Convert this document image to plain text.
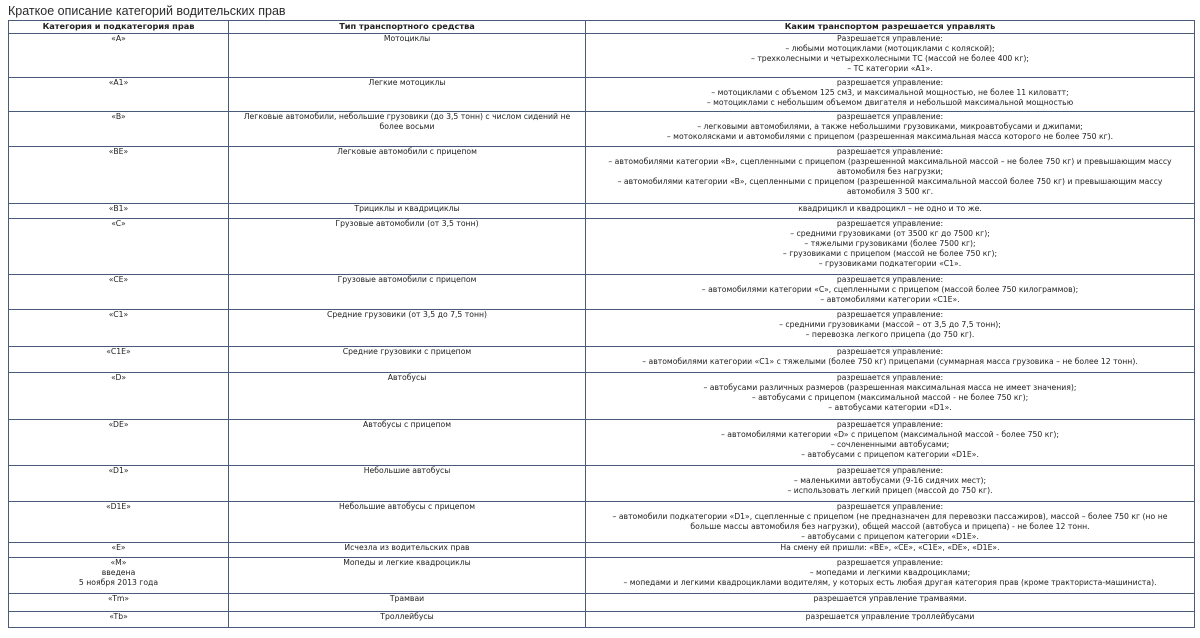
Краткое описание категорий водительских прав
Категория и подкатегория прав	Тип транспортного средства	Каким транспортом разрешается управлять

«A»	Мотоциклы	Разрешается управление:
– любыми мотоциклами (мотоциклами с коляской);
– трехколесными и четырехколесными ТС (массой не более 400 кг);
– ТС категории «A1».

«A1»	Легкие мотоциклы	разрешается управление:
– мотоциклами с объемом 125 см3, и максимальной мощностью, не более 11 киловатт;
– мотоциклами с небольшим объемом двигателя и небольшой максимальной мощностью

«B»	Легковые автомобили, небольшие грузовики (до 3,5 тонн) с числом сидений не более восьми	разрешается управление:
– легковыми автомобилями, а также небольшими грузовиками, микроавтобусами и джипами;
– мотоколясками и автомобилями с прицепом (разрешенная максимальная масса которого не более 750 кг).

«BE»	Легковые автомобили с прицепом	разрешается управление:
– автомобилями категории «B», сцепленными с прицепом (разрешенной максимальной массой – не более 750 кг) и превышающим массу
автомобиля без нагрузки;
– автомобилями категории «B», сцепленными с прицепом (разрешенной максимальной массой более 750 кг) и превышающим массу
автомобиля 3 500 кг.

«B1»	Трициклы и квадрициклы	квадрицикл и квадроцикл – не одно и то же.

«C»	Грузовые автомобили (от 3,5 тонн)	разрешается управление:
– средними грузовиками (от 3500 кг до 7500 кг);
– тяжелыми грузовиками (более 7500 кг);
– грузовиками с прицепом (массой не более 750 кг);
– грузовиками подкатегории «C1».

«CE»	Грузовые автомобили с прицепом	разрешается управление:
– автомобилями категории «C», сцепленными с прицепом (массой более 750 килограммов);
– автомобилями категории «C1E».

«C1»	Средние грузовики (от 3,5 до 7,5 тонн)	разрешается управление:
– средними грузовиками (массой – от 3,5 до 7,5 тонн);
– перевозка легкого прицепа (до 750 кг).

«C1E»	Средние грузовики с прицепом	разрешается управление:
– автомобилями категории «C1» с тяжелыми (более 750 кг) прицепами (суммарная масса грузовика – не более 12 тонн).

«D»	Автобусы	разрешается управление:
– автобусами различных размеров (разрешенная максимальная масса не имеет значения);
– автобусами с прицепом (максимальной массой - не более 750 кг);
– автобусами категории «D1».

«DE»	Автобусы с прицепом	разрешается управление:
– автомобилями категории «D» с прицепом (максимальной массой - более 750 кг);
– сочлененными автобусами;
– автобусами с прицепом категории «D1E».

«D1»	Небольшие автобусы	разрешается управление:
– маленькими автобусами (9-16 сидячих мест);
– использовать легкий прицеп (массой до 750 кг).

«D1E»	Небольшие автобусы с прицепом	разрешается управление:
– автомобили подкатегории «D1», сцепленные с прицепом (не предназначен для перевозки пассажиров), массой – более 750 кг (но не
больше массы автомобиля без нагрузки), общей массой (автобуса и прицепа) - не более 12 тонн.
– автобусами с прицепом категории «D1E».

«E»	Исчезла из водительских прав	На смену ей пришли: «BE», «CE», «C1E», «DE», «D1E».

«M»
введена
5 ноября 2013 года	Мопеды и легкие квадроциклы	разрешается управление:
– мопедами и легкими квадроциклами;
– мопедами и легкими квадроциклами водителям, у которых есть любая другая категория прав (кроме тракториста-машиниста).

«Tm»	Трамваи	разрешается управление трамваями.

«Tb»	Троллейбусы	разрешается управление троллейбусами
